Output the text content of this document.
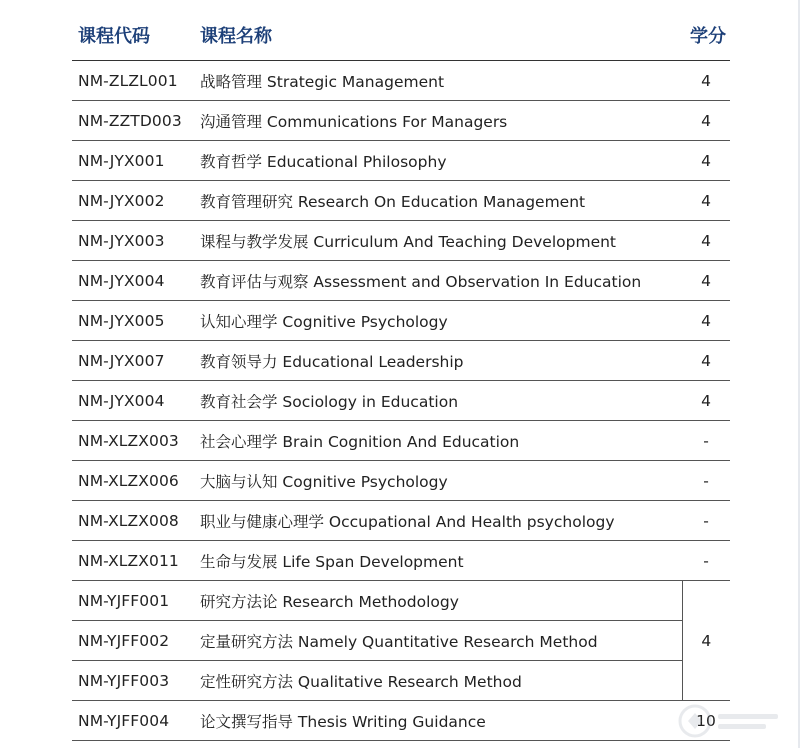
课程代码	课程名称	学分
NM-ZLZL001	战略管理 Strategic Management	4
NM-ZZTD003	沟通管理 Communications For Managers	4
NM-JYX001	教育哲学 Educational Philosophy	4
NM-JYX002	教育管理研究 Research On Education Management	4
NM-JYX003	课程与教学发展 Curriculum And Teaching Development	4
NM-JYX004	教育评估与观察 Assessment and Observation In Education	4
NM-JYX005	认知心理学 Cognitive Psychology	4
NM-JYX007	教育领导力 Educational Leadership	4
NM-JYX004	教育社会学 Sociology in Education	4
NM-XLZX003	社会心理学 Brain Cognition And Education	-
NM-XLZX006	大脑与认知 Cognitive Psychology	-
NM-XLZX008	职业与健康心理学 Occupational And Health psychology	-
NM-XLZX011	生命与发展 Life Span Development	-
NM-YJFF001	研究方法论 Research Methodology	4
NM-YJFF002	定量研究方法 Namely Quantitative Research Method	
NM-YJFF003	定性研究方法 Qualitative Research Method	
NM-YJFF004	论文撰写指导 Thesis Writing Guidance	10
